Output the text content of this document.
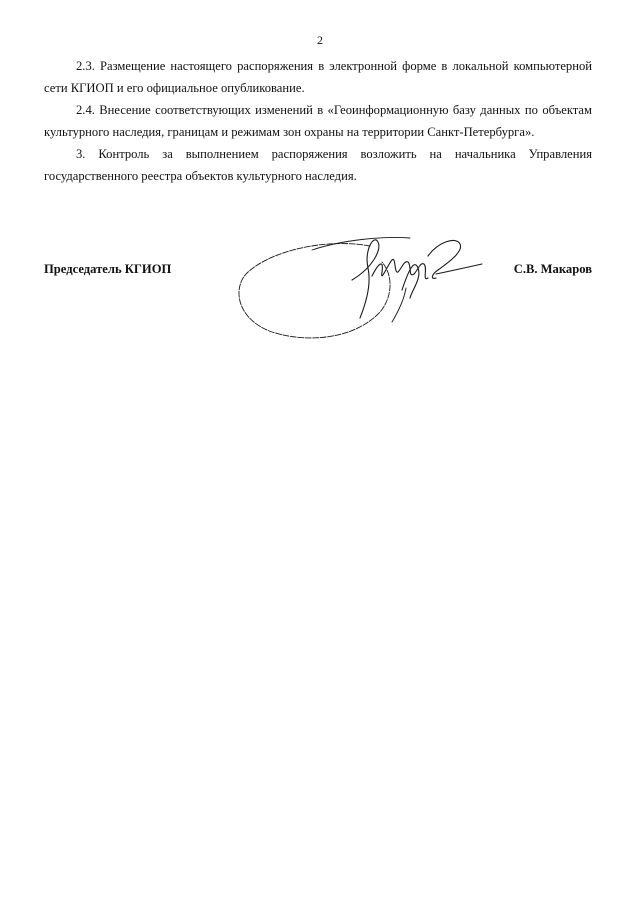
2

2.3. Размещение настоящего распоряжения в электронной форме в локальной компьютерной сети КГИОП и его официальное опубликование.

2.4. Внесение соответствующих изменений в «Геоинформационную базу данных по объектам культурного наследия, границам и режимам зон охраны на территории Санкт-Петербурга».

3. Контроль за выполнением распоряжения возложить на начальника Управления государственного реестра объектов культурного наследия.

Председатель КГИОП	С.В. Макаров
